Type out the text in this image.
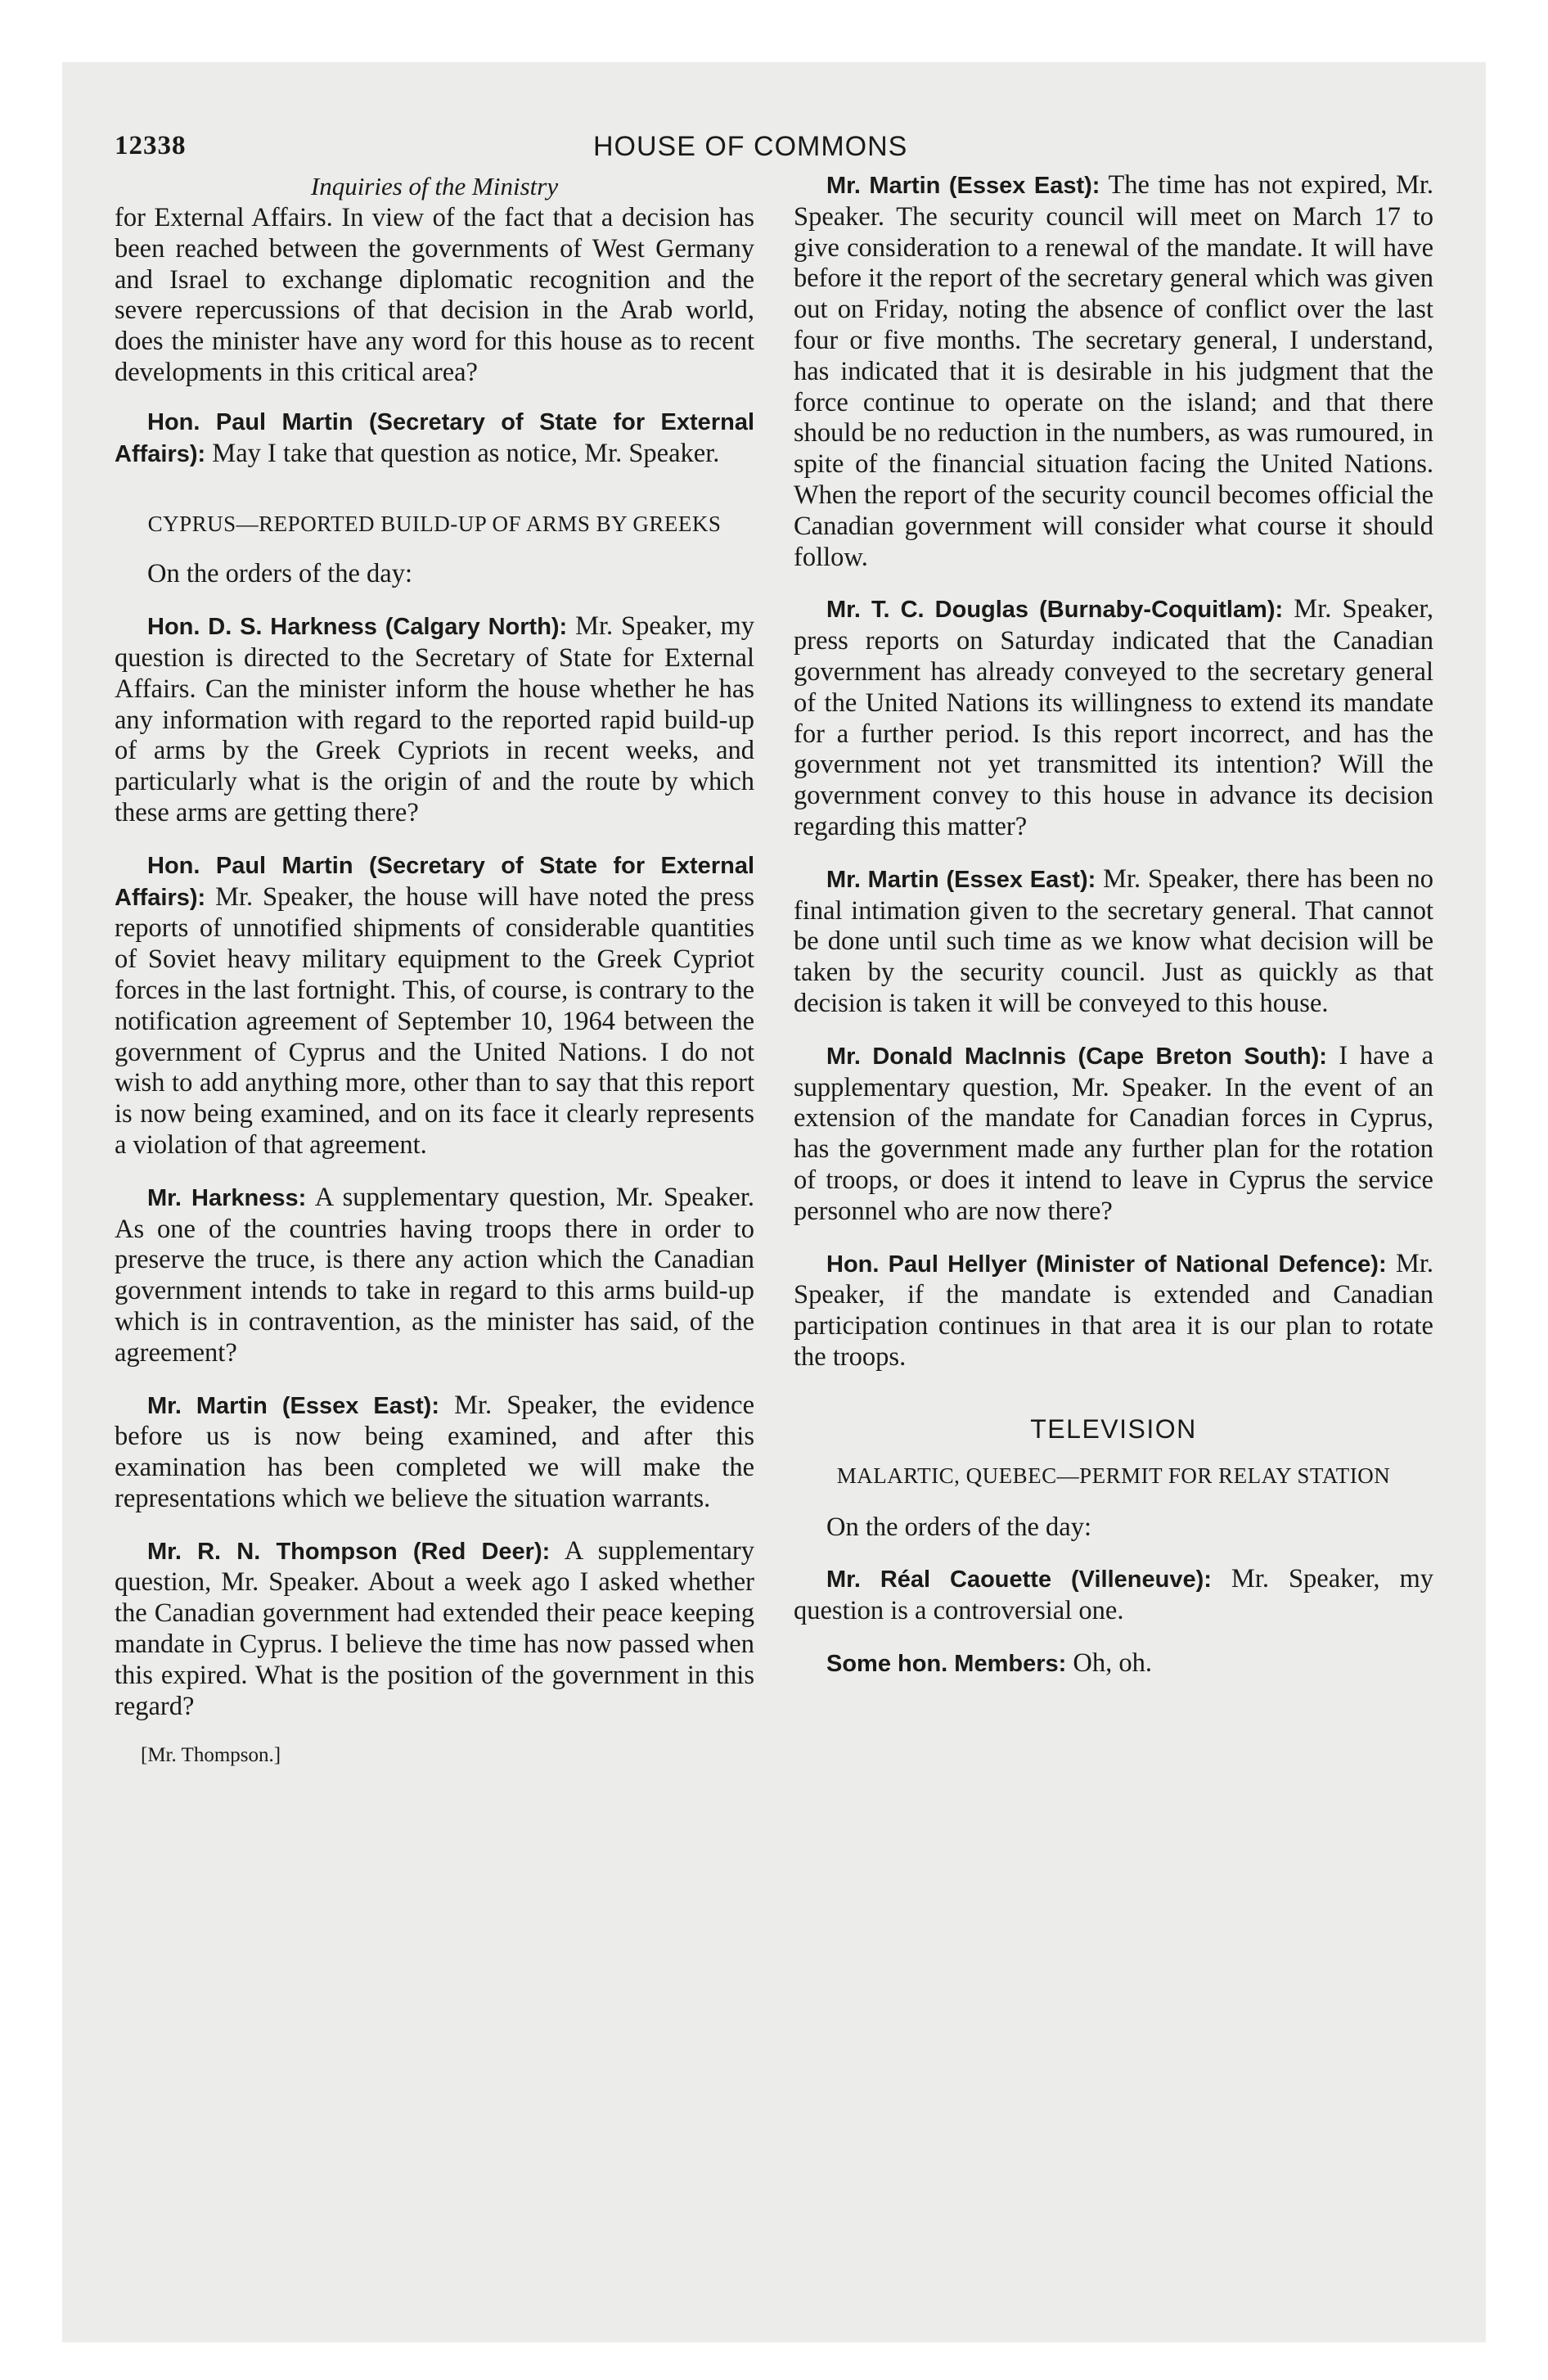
12338	HOUSE OF COMMONS
Inquiries of the Ministry

for External Affairs. In view of the fact that a decision has been reached between the governments of West Germany and Israel to exchange diplomatic recognition and the severe repercussions of that decision in the Arab world, does the minister have any word for this house as to recent developments in this critical area?

Hon. Paul Martin (Secretary of State for External Affairs): May I take that question as notice, Mr. Speaker.

CYPRUS—REPORTED BUILD-UP OF ARMS BY GREEKS

On the orders of the day:

Hon. D. S. Harkness (Calgary North): Mr. Speaker, my question is directed to the Secretary of State for External Affairs. Can the minister inform the house whether he has any information with regard to the reported rapid build-up of arms by the Greek Cypriots in recent weeks, and particularly what is the origin of and the route by which these arms are getting there?

Hon. Paul Martin (Secretary of State for External Affairs): Mr. Speaker, the house will have noted the press reports of unnotified shipments of considerable quantities of Soviet heavy military equipment to the Greek Cypriot forces in the last fortnight. This, of course, is contrary to the notification agreement of September 10, 1964 between the government of Cyprus and the United Nations. I do not wish to add anything more, other than to say that this report is now being examined, and on its face it clearly represents a violation of that agreement.

Mr. Harkness: A supplementary question, Mr. Speaker. As one of the countries having troops there in order to preserve the truce, is there any action which the Canadian government intends to take in regard to this arms build-up which is in contravention, as the minister has said, of the agreement?

Mr. Martin (Essex East): Mr. Speaker, the evidence before us is now being examined, and after this examination has been completed we will make the representations which we believe the situation warrants.

Mr. R. N. Thompson (Red Deer): A supplementary question, Mr. Speaker. About a week ago I asked whether the Canadian government had extended their peace keeping mandate in Cyprus. I believe the time has now passed when this expired. What is the position of the government in this regard?

[Mr. Thompson.]

Mr. Martin (Essex East): The time has not expired, Mr. Speaker. The security council will meet on March 17 to give consideration to a renewal of the mandate. It will have before it the report of the secretary general which was given out on Friday, noting the absence of conflict over the last four or five months. The secretary general, I understand, has indicated that it is desirable in his judgment that the force continue to operate on the island; and that there should be no reduction in the numbers, as was rumoured, in spite of the financial situation facing the United Nations. When the report of the security council becomes official the Canadian government will consider what course it should follow.

Mr. T. C. Douglas (Burnaby-Coquitlam): Mr. Speaker, press reports on Saturday indicated that the Canadian government has already conveyed to the secretary general of the United Nations its willingness to extend its mandate for a further period. Is this report incorrect, and has the government not yet transmitted its intention? Will the government convey to this house in advance its decision regarding this matter?

Mr. Martin (Essex East): Mr. Speaker, there has been no final intimation given to the secretary general. That cannot be done until such time as we know what decision will be taken by the security council. Just as quickly as that decision is taken it will be conveyed to this house.

Mr. Donald MacInnis (Cape Breton South): I have a supplementary question, Mr. Speaker. In the event of an extension of the mandate for Canadian forces in Cyprus, has the government made any further plan for the rotation of troops, or does it intend to leave in Cyprus the service personnel who are now there?

Hon. Paul Hellyer (Minister of National Defence): Mr. Speaker, if the mandate is extended and Canadian participation continues in that area it is our plan to rotate the troops.

TELEVISION
MALARTIC, QUEBEC—PERMIT FOR RELAY STATION

On the orders of the day:

Mr. Réal Caouette (Villeneuve): Mr. Speaker, my question is a controversial one.

Some hon. Members: Oh, oh.
